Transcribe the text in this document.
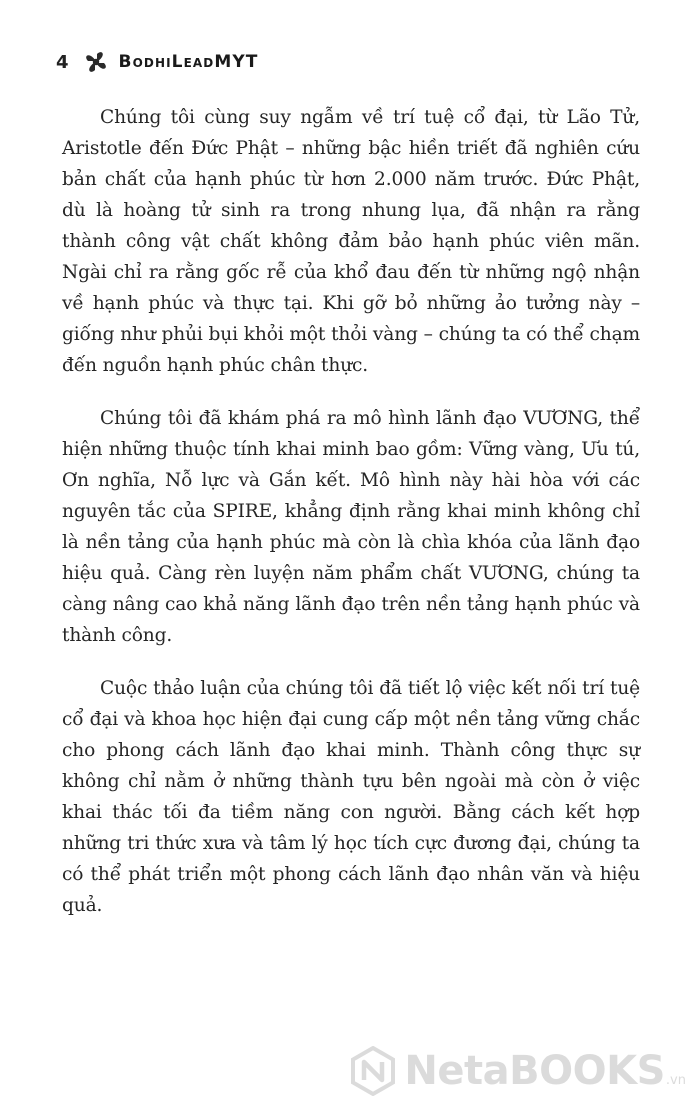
4	BodhiLeadMYT

Chúng tôi cùng suy ngẫm về trí tuệ cổ đại, từ Lão Tử, Aristotle đến Đức Phật – những bậc hiền triết đã nghiên cứu bản chất của hạnh phúc từ hơn 2.000 năm trước. Đức Phật, dù là hoàng tử sinh ra trong nhung lụa, đã nhận ra rằng thành công vật chất không đảm bảo hạnh phúc viên mãn. Ngài chỉ ra rằng gốc rễ của khổ đau đến từ những ngộ nhận về hạnh phúc và thực tại. Khi gỡ bỏ những ảo tưởng này – giống như phủi bụi khỏi một thỏi vàng – chúng ta có thể chạm đến nguồn hạnh phúc chân thực.

Chúng tôi đã khám phá ra mô hình lãnh đạo VƯƠNG, thể hiện những thuộc tính khai minh bao gồm: Vững vàng, Ưu tú, Ơn nghĩa, Nỗ lực và Gắn kết. Mô hình này hài hòa với các nguyên tắc của SPIRE, khẳng định rằng khai minh không chỉ là nền tảng của hạnh phúc mà còn là chìa khóa của lãnh đạo hiệu quả. Càng rèn luyện năm phẩm chất VƯƠNG, chúng ta càng nâng cao khả năng lãnh đạo trên nền tảng hạnh phúc và thành công.

Cuộc thảo luận của chúng tôi đã tiết lộ việc kết nối trí tuệ cổ đại và khoa học hiện đại cung cấp một nền tảng vững chắc cho phong cách lãnh đạo khai minh. Thành công thực sự không chỉ nằm ở những thành tựu bên ngoài mà còn ở việc khai thác tối đa tiềm năng con người. Bằng cách kết hợp những tri thức xưa và tâm lý học tích cực đương đại, chúng ta có thể phát triển một phong cách lãnh đạo nhân văn và hiệu quả.

NetaBOOKS .vn
